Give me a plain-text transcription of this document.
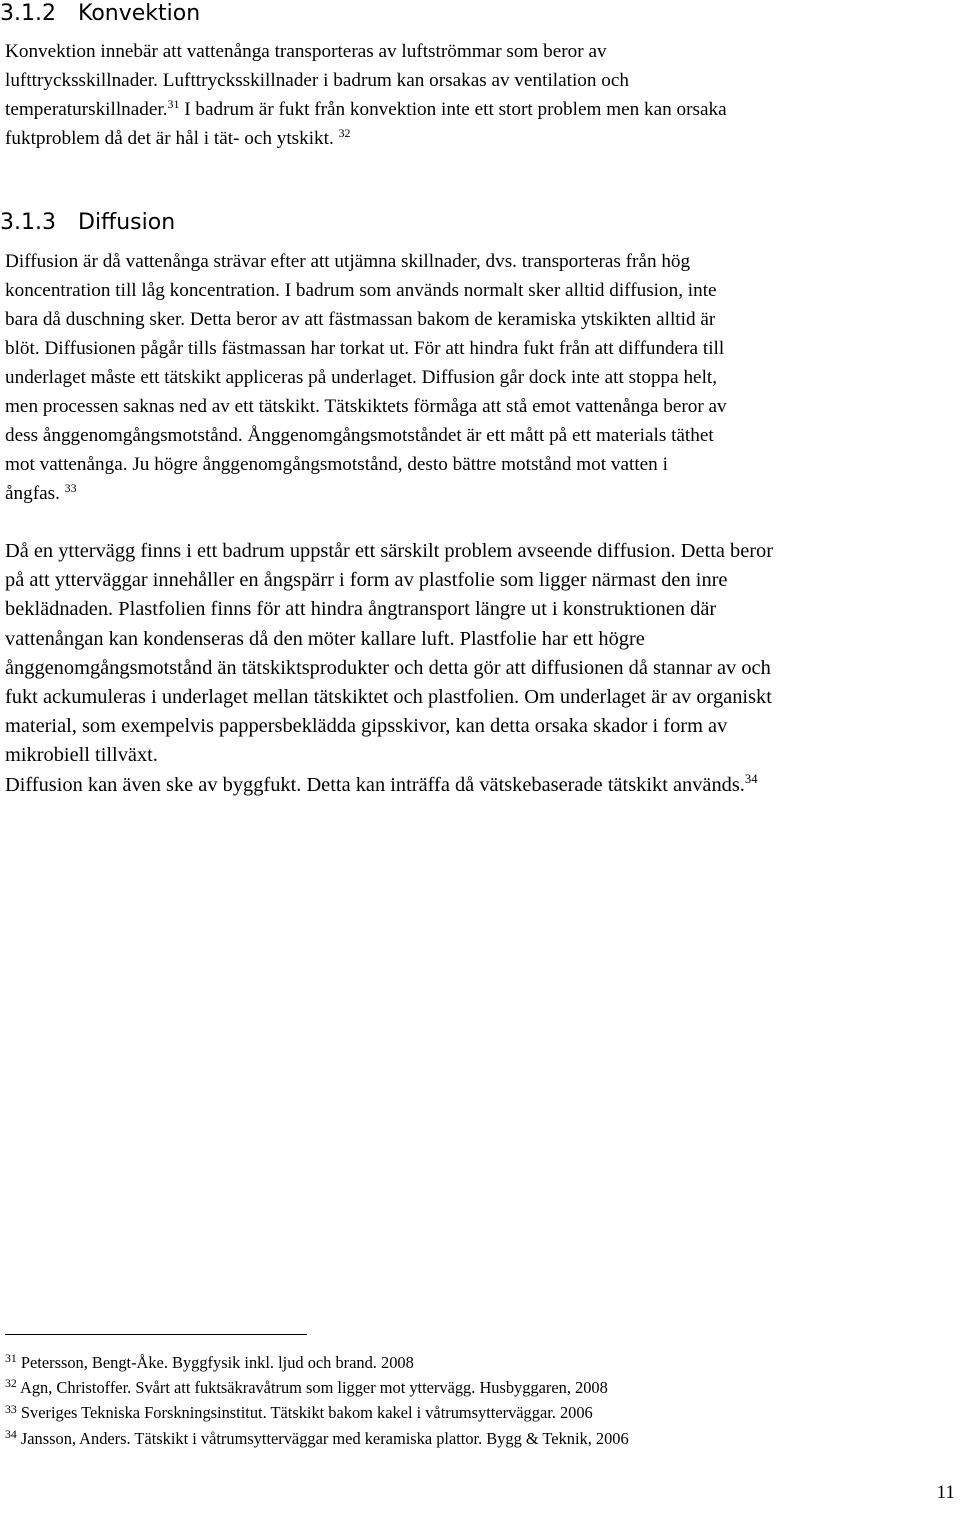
3.1.2 Konvektion
Konvektion innebär att vattenånga transporteras av luftströmmar som beror av
lufttrycksskillnader. Lufttrycksskillnader i badrum kan orsakas av ventilation och
temperaturskillnader.$^{31}$ I badrum är fukt från konvektion inte ett stort problem men kan orsaka
fuktproblem då det är hål i tät- och ytskikt. $^{32}$
3.1.3 Diffusion
Diffusion är då vattenånga strävar efter att utjämna skillnader, dvs. transporteras från hög
koncentration till låg koncentration. I badrum som används normalt sker alltid diffusion, inte
bara då duschning sker. Detta beror av att fästmassan bakom de keramiska ytskikten alltid är
blöt. Diffusionen pågår tills fästmassan har torkat ut. För att hindra fukt från att diffundera till
underlaget måste ett tätskikt appliceras på underlaget. Diffusion går dock inte att stoppa helt,
men processen saknas ned av ett tätskikt. Tätskiktets förmåga att stå emot vattenånga beror av
dess ånggenomgångsmotstånd. Ånggenomgångsmotståndet är ett mått på ett materials täthet
mot vattenånga. Ju högre ånggenomgångsmotstånd, desto bättre motstånd mot vatten i
ångfas. $^{33}$
Då en yttervägg finns i ett badrum uppstår ett särskilt problem avseende diffusion. Detta beror
på att ytterväggar innehåller en ångspärr i form av plastfolie som ligger närmast den inre
beklädnaden. Plastfolien finns för att hindra ångtransport längre ut i konstruktionen där
vattenångan kan kondenseras då den möter kallare luft. Plastfolie har ett högre
ånggenomgångsmotstånd än tätskiktsprodukter och detta gör att diffusionen då stannar av och
fukt ackumuleras i underlaget mellan tätskiktet och plastfolien. Om underlaget är av organiskt
material, som exempelvis pappersbeklädda gipsskivor, kan detta orsaka skador i form av
mikrobiell tillväxt.
Diffusion kan även ske av byggfukt. Detta kan inträffa då vätskebaserade tätskikt används.$^{34}$
$^{31}$ Petersson, Bengt-Åke. Byggfysik inkl. ljud och brand. 2008
$^{32}$ Agn, Christoffer. Svårt att fuktsäkravåtrum som ligger mot yttervägg. Husbyggaren, 2008
$^{33}$ Sveriges Tekniska Forskningsinstitut. Tätskikt bakom kakel i våtrumsytterväggar. 2006
$^{34}$ Jansson, Anders. Tätskikt i våtrumsytterväggar med keramiska plattor. Bygg & Teknik, 2006
11
